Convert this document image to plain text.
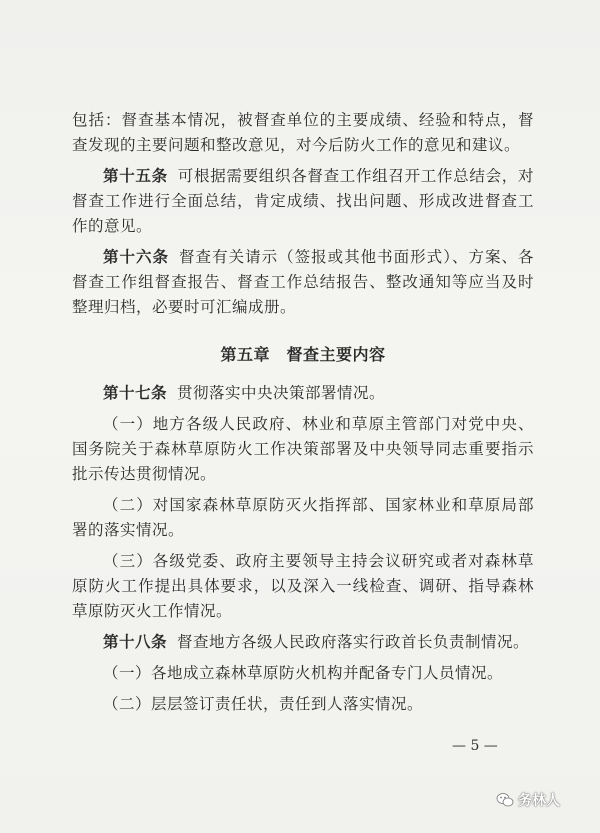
包括：督查基本情况，被督查单位的主要成绩、经验和特点，督查发现的主要问题和整改意见，对今后防火工作的意见和建议。

第十五条 可根据需要组织各督查工作组召开工作总结会，对督查工作进行全面总结，肯定成绩、找出问题、形成改进督查工作的意见。

第十六条 督查有关请示（签报或其他书面形式）、方案、各督查工作组督查报告、督查工作总结报告、整改通知等应当及时整理归档，必要时可汇编成册。

第五章　督查主要内容

第十七条 贯彻落实中央决策部署情况。

（一）地方各级人民政府、林业和草原主管部门对党中央、国务院关于森林草原防火工作决策部署及中央领导同志重要指示批示传达贯彻情况。

（二）对国家森林草原防灭火指挥部、国家林业和草原局部署的落实情况。

（三）各级党委、政府主要领导主持会议研究或者对森林草原防火工作提出具体要求，以及深入一线检查、调研、指导森林草原防灭火工作情况。

第十八条 督查地方各级人民政府落实行政首长负责制情况。

（一）各地成立森林草原防火机构并配备专门人员情况。

（二）层层签订责任状，责任到人落实情况。

— 5 —
务林人
